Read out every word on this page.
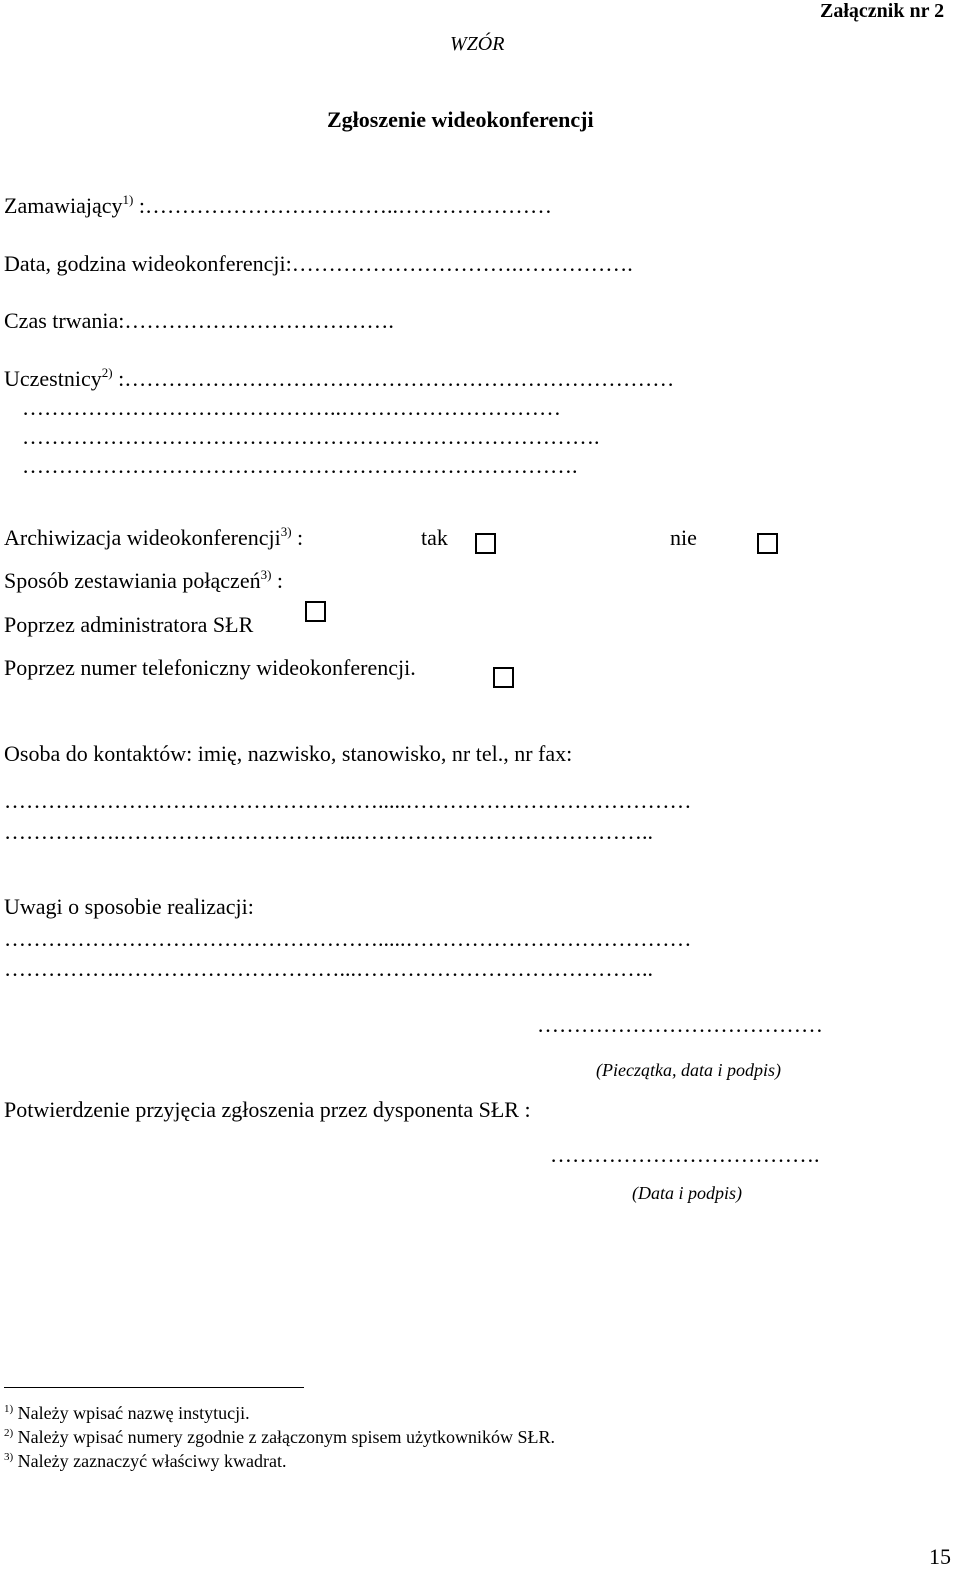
Załącznik nr 2
WZÓR
Zgłoszenie wideokonferencji
Zamawiający$^{1)}$ :……………………………..…………………
Data, godzina wideokonferencji:………………………….…………….
Czas trwania:……………………………….
Uczestnicy$^{2)}$ :…………………………………………………………………
……………………………………..…………………………
…………………………………………………………………….
………………………………………………………………….
Archiwizacja wideokonferencji$^{3)}$ :	tak	nie
Sposób zestawiania połączeń$^{3)}$ :
Poprzez administratora SŁR
Poprzez numer telefoniczny wideokonferencji.
Osoba do kontaktów: imię, nazwisko, stanowisko, nr tel., nr fax:
…………………………………………….....…………………………………
…………….…………………………...…………………………………..
Uwagi o sposobie realizacji:
…………………………………………….....…………………………………
…………….…………………………...…………………………………..
…………………………………
(Pieczątka, data i podpis)
Potwierdzenie przyjęcia zgłoszenia przez dysponenta SŁR :
……………………………….
(Data i podpis)
$^{1)}$ Należy wpisać nazwę instytucji.
$^{2)}$ Należy wpisać numery zgodnie z załączonym spisem użytkowników SŁR.
$^{3)}$ Należy zaznaczyć właściwy kwadrat.
15
